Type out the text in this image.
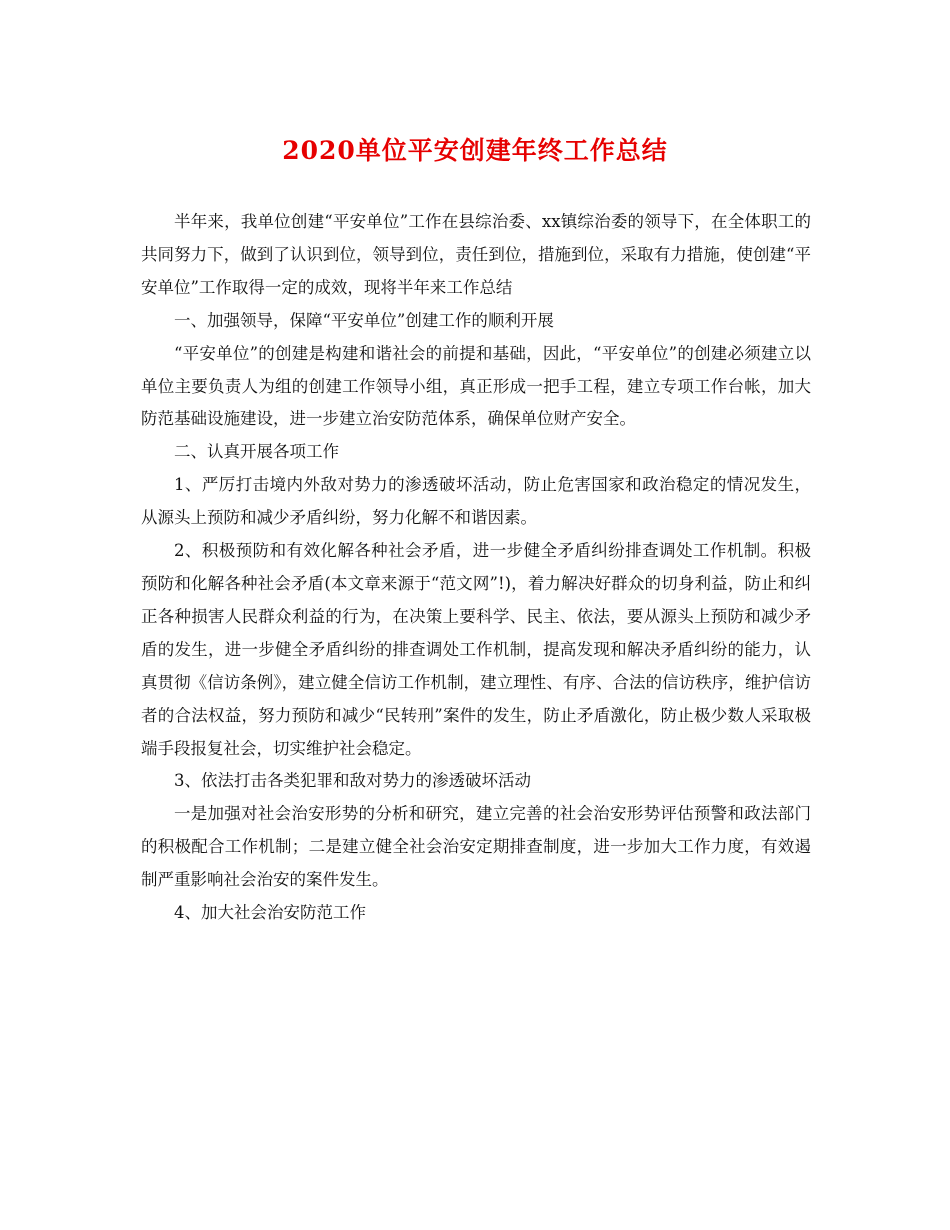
2020单位平安创建年终工作总结

半年来，我单位创建“平安单位”工作在县综治委、xx镇综治委的领导下，在全体职工的共同努力下，做到了认识到位，领导到位，责任到位，措施到位，采取有力措施，使创建“平安单位”工作取得一定的成效，现将半年来工作总结

一、加强领导，保障“平安单位”创建工作的顺利开展

“平安单位”的创建是构建和谐社会的前提和基础，因此，“平安单位”的创建必须建立以单位主要负责人为组的创建工作领导小组，真正形成一把手工程，建立专项工作台帐，加大防范基础设施建设，进一步建立治安防范体系，确保单位财产安全。

二、认真开展各项工作

1、严厉打击境内外敌对势力的渗透破坏活动，防止危害国家和政治稳定的情况发生，从源头上预防和减少矛盾纠纷，努力化解不和谐因素。

2、积极预防和有效化解各种社会矛盾，进一步健全矛盾纠纷排查调处工作机制。积极预防和化解各种社会矛盾(本文章来源于“范文网”!)，着力解决好群众的切身利益，防止和纠正各种损害人民群众利益的行为，在决策上要科学、民主、依法，要从源头上预防和减少矛盾的发生，进一步健全矛盾纠纷的排查调处工作机制，提高发现和解决矛盾纠纷的能力，认真贯彻《信访条例》，建立健全信访工作机制，建立理性、有序、合法的信访秩序，维护信访者的合法权益，努力预防和减少“民转刑”案件的发生，防止矛盾激化，防止极少数人采取极端手段报复社会，切实维护社会稳定。

3、依法打击各类犯罪和敌对势力的渗透破坏活动

一是加强对社会治安形势的分析和研究，建立完善的社会治安形势评估预警和政法部门的积极配合工作机制；二是建立健全社会治安定期排查制度，进一步加大工作力度，有效遏制严重影响社会治安的案件发生。

4、加大社会治安防范工作
